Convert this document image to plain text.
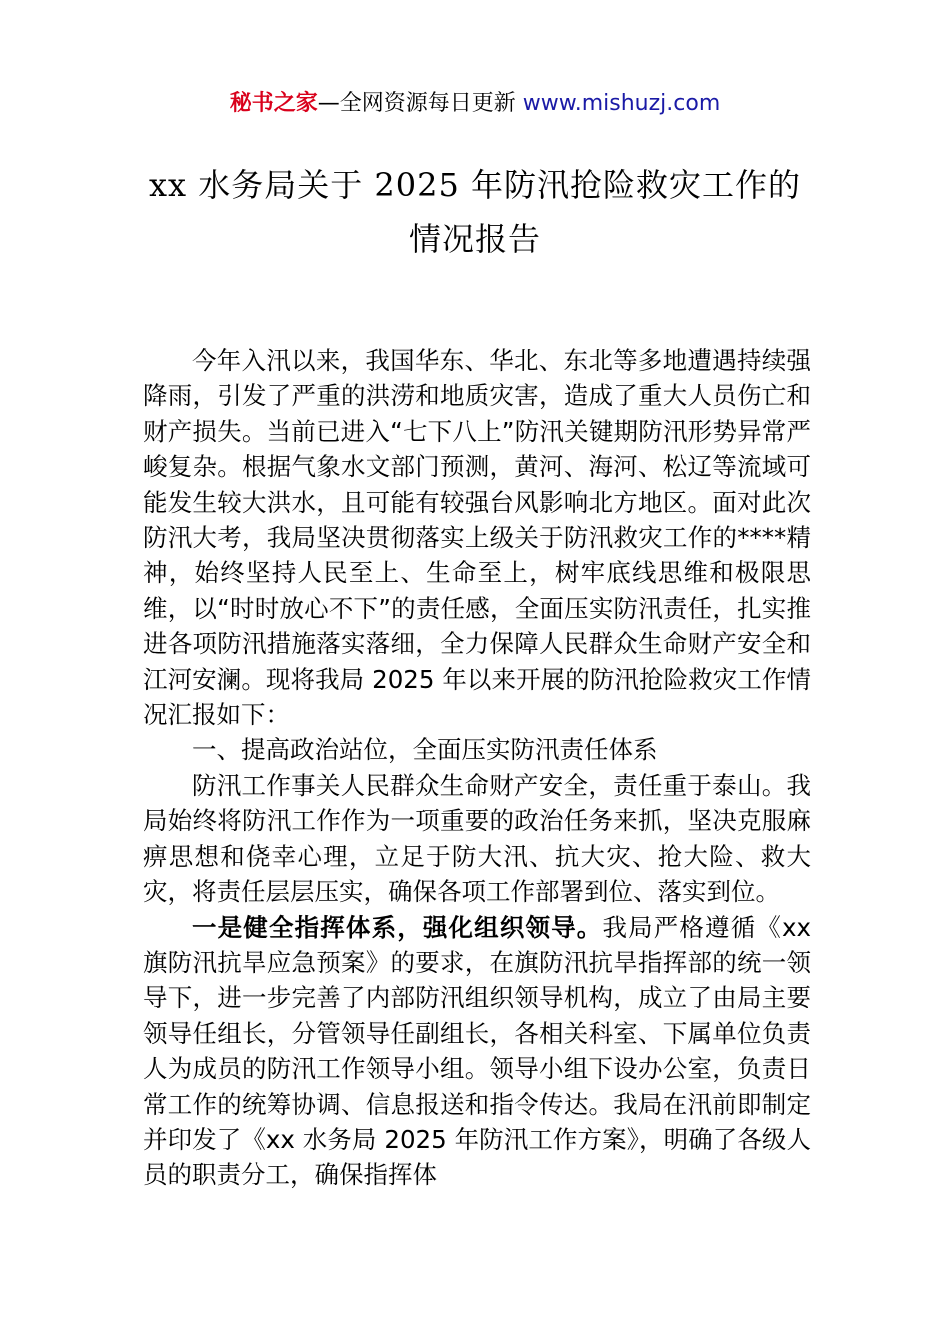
秘书之家—全网资源每日更新 www.mishuzj.com
xx 水务局关于 2025 年防汛抢险救灾工作的
情况报告

今年入汛以来，我国华东、华北、东北等多地遭遇持续强降雨，引发了严重的洪涝和地质灾害，造成了重大人员伤亡和财产损失。当前已进入“七下八上”防汛关键期防汛形势异常严峻复杂。根据气象水文部门预测，黄河、海河、松辽等流域可能发生较大洪水，且可能有较强台风影响北方地区。面对此次防汛大考，我局坚决贯彻落实上级关于防汛救灾工作的****精神，始终坚持人民至上、生命至上，树牢底线思维和极限思维，以“时时放心不下”的责任感，全面压实防汛责任，扎实推进各项防汛措施落实落细，全力保障人民群众生命财产安全和江河安澜。现将我局 2025 年以来开展的防汛抢险救灾工作情况汇报如下：

一、提高政治站位，全面压实防汛责任体系

防汛工作事关人民群众生命财产安全，责任重于泰山。我局始终将防汛工作作为一项重要的政治任务来抓，坚决克服麻痹思想和侥幸心理，立足于防大汛、抗大灾、抢大险、救大灾，将责任层层压实，确保各项工作部署到位、落实到位。

一是健全指挥体系，强化组织领导。我局严格遵循《xx 旗防汛抗旱应急预案》的要求，在旗防汛抗旱指挥部的统一领导下，进一步完善了内部防汛组织领导机构，成立了由局主要领导任组长，分管领导任副组长，各相关科室、下属单位负责人为成员的防汛工作领导小组。领导小组下设办公室，负责日常工作的统筹协调、信息报送和指令传达。我局在汛前即制定并印发了《xx 水务局 2025 年防汛工作方案》，明确了各级人员的职责分工，确保指挥体
